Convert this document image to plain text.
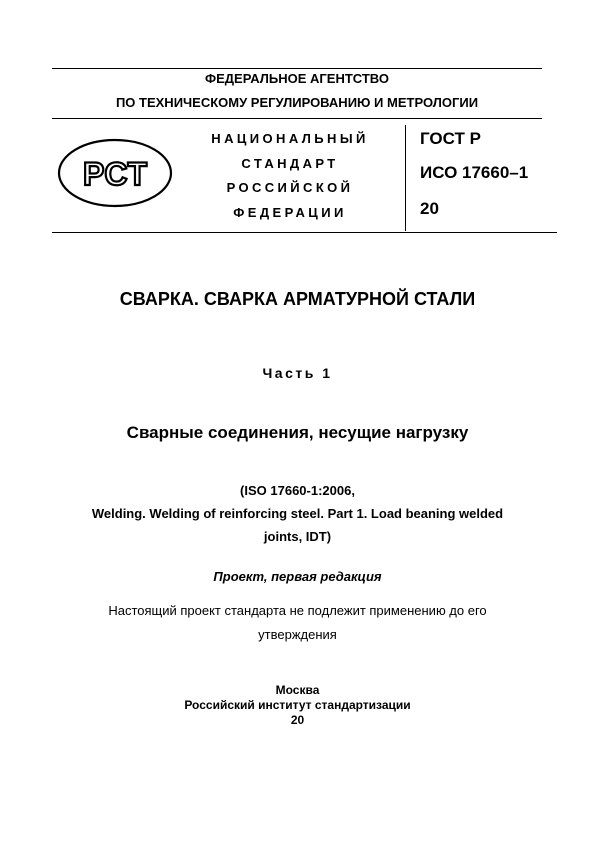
ФЕДЕРАЛЬНОЕ АГЕНТСТВО
ПО ТЕХНИЧЕСКОМУ РЕГУЛИРОВАНИЮ И МЕТРОЛОГИИ
PCT
НАЦИОНАЛЬНЫЙ
СТАНДАРТ
РОССИЙСКОЙ
ФЕДЕРАЦИИ
ГОСТ Р
ИСО 17660–1
20
СВАРКА. СВАРКА АРМАТУРНОЙ СТАЛИ
Часть 1
Сварные соединения, несущие нагрузку
(ISO 17660-1:2006,
Welding. Welding of reinforcing steel. Part 1. Load beaning welded
joints, IDT)
Проект, первая редакция
Настоящий проект стандарта не подлежит применению до его
утверждения
Москва
Российский институт стандартизации
20
